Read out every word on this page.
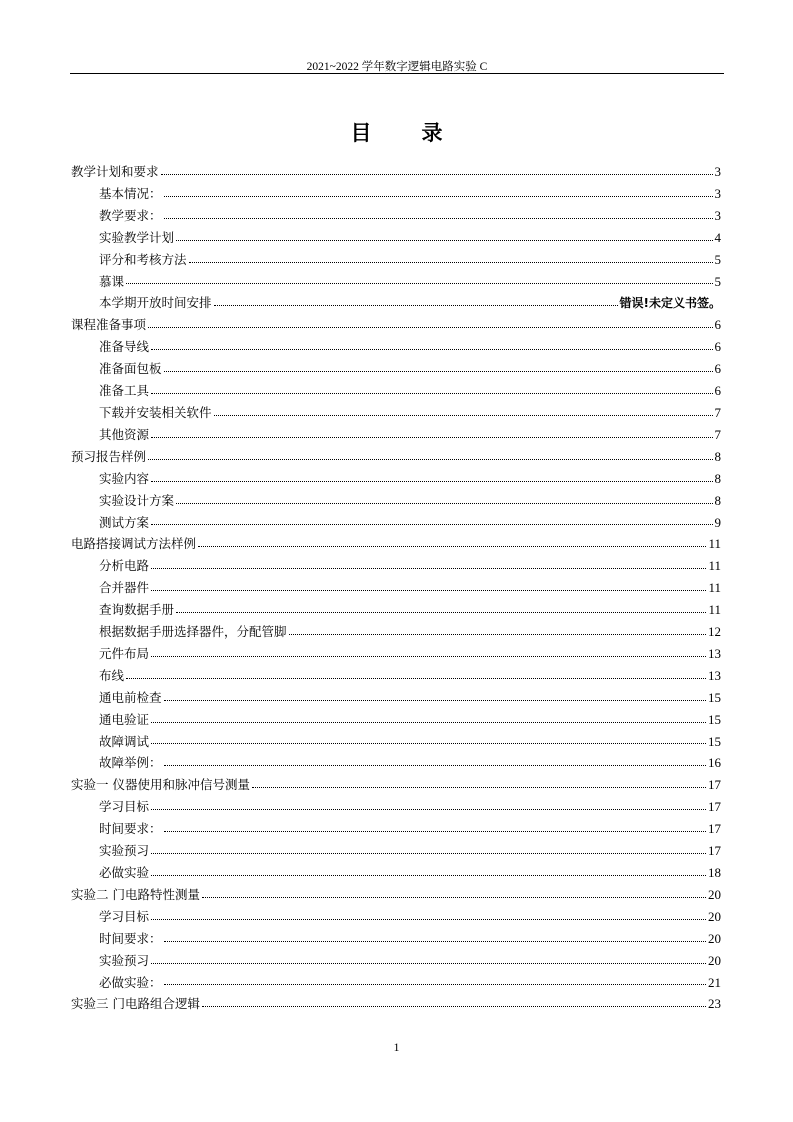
2021~2022 学年数字逻辑电路实验 C
目 录
教学计划和要求	3
基本情况：	3
教学要求：	3
实验教学计划	4
评分和考核方法	5
慕课	5
本学期开放时间安排	错误!未定义书签。
课程准备事项	6
准备导线	6
准备面包板	6
准备工具	6
下载并安装相关软件	7
其他资源	7
预习报告样例	8
实验内容	8
实验设计方案	8
测试方案	9
电路搭接调试方法样例	11
分析电路	11
合并器件	11
查询数据手册	11
根据数据手册选择器件，分配管脚	12
元件布局	13
布线	13
通电前检查	15
通电验证	15
故障调试	15
故障举例：	16
实验一 仪器使用和脉冲信号测量	17
学习目标	17
时间要求：	17
实验预习	17
必做实验	18
实验二 门电路特性测量	20
学习目标	20
时间要求：	20
实验预习	20
必做实验：	21
实验三 门电路组合逻辑	23
1
